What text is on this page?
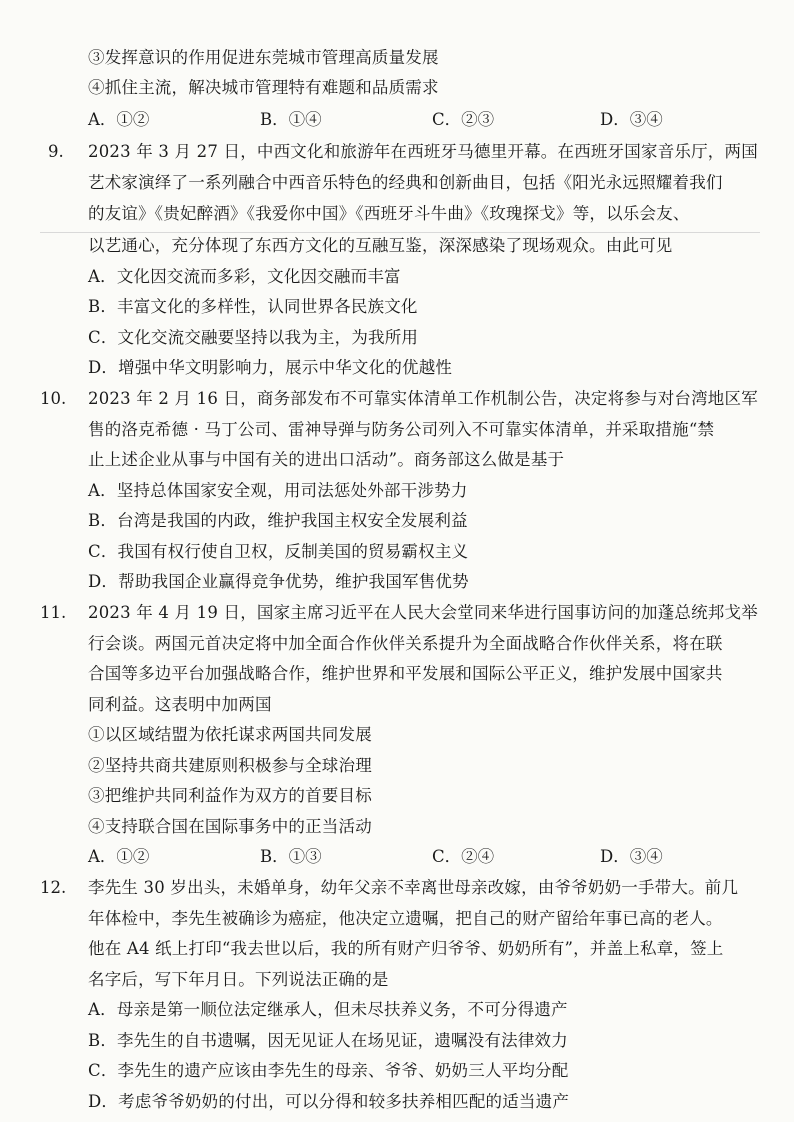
③发挥意识的作用促进东莞城市管理高质量发展
④抓住主流，解决城市管理特有难题和品质需求
A．①②	B．①④	C．②③	D．③④
9. 2023 年 3 月 27 日，中西文化和旅游年在西班牙马德里开幕。在西班牙国家音乐厅，两国
艺术家演绎了一系列融合中西音乐特色的经典和创新曲目，包括《阳光永远照耀着我们
的友谊》《贵妃醉酒》《我爱你中国》《西班牙斗牛曲》《玫瑰探戈》等，以乐会友、
以艺通心，充分体现了东西方文化的互融互鉴，深深感染了现场观众。由此可见
A．文化因交流而多彩，文化因交融而丰富
B．丰富文化的多样性，认同世界各民族文化
C．文化交流交融要坚持以我为主，为我所用
D．增强中华文明影响力，展示中华文化的优越性
10. 2023 年 2 月 16 日，商务部发布不可靠实体清单工作机制公告，决定将参与对台湾地区军
售的洛克希德 · 马丁公司、雷神导弹与防务公司列入不可靠实体清单，并采取措施“禁
止上述企业从事与中国有关的进出口活动”。商务部这么做是基于
A．坚持总体国家安全观，用司法惩处外部干涉势力
B．台湾是我国的内政，维护我国主权安全发展利益
C．我国有权行使自卫权，反制美国的贸易霸权主义
D．帮助我国企业赢得竞争优势，维护我国军售优势
11. 2023 年 4 月 19 日，国家主席习近平在人民大会堂同来华进行国事访问的加蓬总统邦戈举
行会谈。两国元首决定将中加全面合作伙伴关系提升为全面战略合作伙伴关系，将在联
合国等多边平台加强战略合作，维护世界和平发展和国际公平正义，维护发展中国家共
同利益。这表明中加两国
①以区域结盟为依托谋求两国共同发展
②坚持共商共建原则积极参与全球治理
③把维护共同利益作为双方的首要目标
④支持联合国在国际事务中的正当活动
A．①②	B．①③	C．②④	D．③④
12. 李先生 30 岁出头，未婚单身，幼年父亲不幸离世母亲改嫁，由爷爷奶奶一手带大。前几
年体检中，李先生被确诊为癌症，他决定立遗嘱，把自己的财产留给年事已高的老人。
他在 A4 纸上打印“我去世以后，我的所有财产归爷爷、奶奶所有”，并盖上私章，签上
名字后，写下年月日。下列说法正确的是
A．母亲是第一顺位法定继承人，但未尽扶养义务，不可分得遗产
B．李先生的自书遗嘱，因无见证人在场见证，遗嘱没有法律效力
C．李先生的遗产应该由李先生的母亲、爷爷、奶奶三人平均分配
D．考虑爷爷奶奶的付出，可以分得和较多扶养相匹配的适当遗产
